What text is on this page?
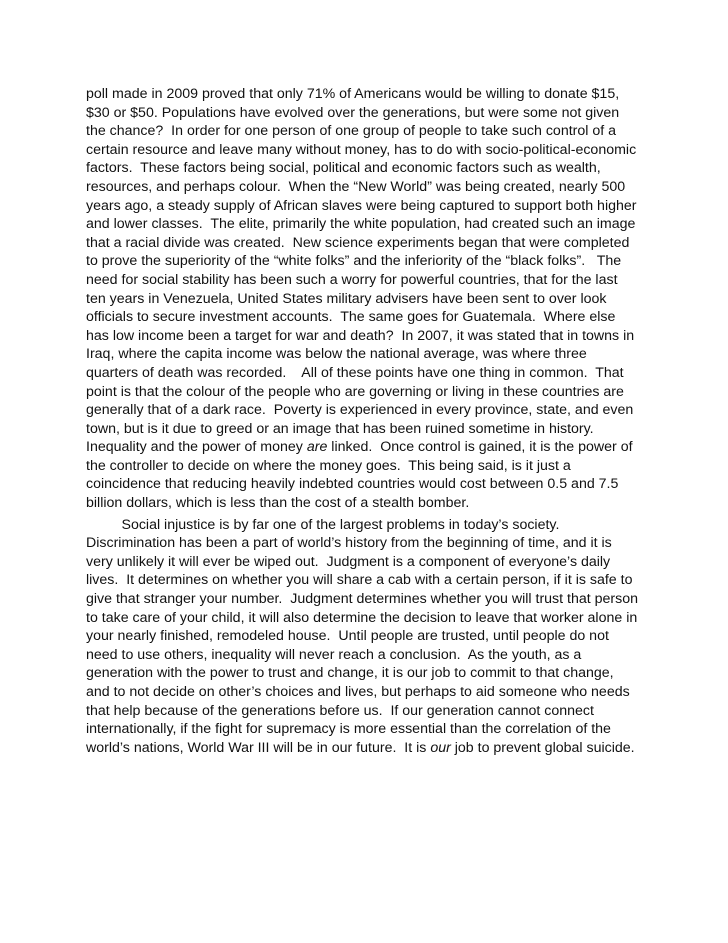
poll made in 2009 proved that only 71% of Americans would be willing to donate $15,
$30 or $50. Populations have evolved over the generations, but were some not given
the chance?  In order for one person of one group of people to take such control of a
certain resource and leave many without money, has to do with socio-political-economic
factors.  These factors being social, political and economic factors such as wealth,
resources, and perhaps colour.  When the “New World” was being created, nearly 500
years ago, a steady supply of African slaves were being captured to support both higher
and lower classes.  The elite, primarily the white population, had created such an image
that a racial divide was created.  New science experiments began that were completed
to prove the superiority of the “white folks” and the inferiority of the “black folks”.   The
need for social stability has been such a worry for powerful countries, that for the last
ten years in Venezuela, United States military advisers have been sent to over look
officials to secure investment accounts.  The same goes for Guatemala.  Where else
has low income been a target for war and death?  In 2007, it was stated that in towns in
Iraq, where the capita income was below the national average, was where three
quarters of death was recorded.    All of these points have one thing in common.  That
point is that the colour of the people who are governing or living in these countries are
generally that of a dark race.  Poverty is experienced in every province, state, and even
town, but is it due to greed or an image that has been ruined sometime in history.
Inequality and the power of money are linked.  Once control is gained, it is the power of
the controller to decide on where the money goes.  This being said, is it just a
coincidence that reducing heavily indebted countries would cost between 0.5 and 7.5
billion dollars, which is less than the cost of a stealth bomber.
Social injustice is by far one of the largest problems in today’s society.
Discrimination has been a part of world’s history from the beginning of time, and it is
very unlikely it will ever be wiped out.  Judgment is a component of everyone’s daily
lives.  It determines on whether you will share a cab with a certain person, if it is safe to
give that stranger your number.  Judgment determines whether you will trust that person
to take care of your child, it will also determine the decision to leave that worker alone in
your nearly finished, remodeled house.  Until people are trusted, until people do not
need to use others, inequality will never reach a conclusion.  As the youth, as a
generation with the power to trust and change, it is our job to commit to that change,
and to not decide on other’s choices and lives, but perhaps to aid someone who needs
that help because of the generations before us.  If our generation cannot connect
internationally, if the fight for supremacy is more essential than the correlation of the
world’s nations, World War III will be in our future.  It is our job to prevent global suicide.
